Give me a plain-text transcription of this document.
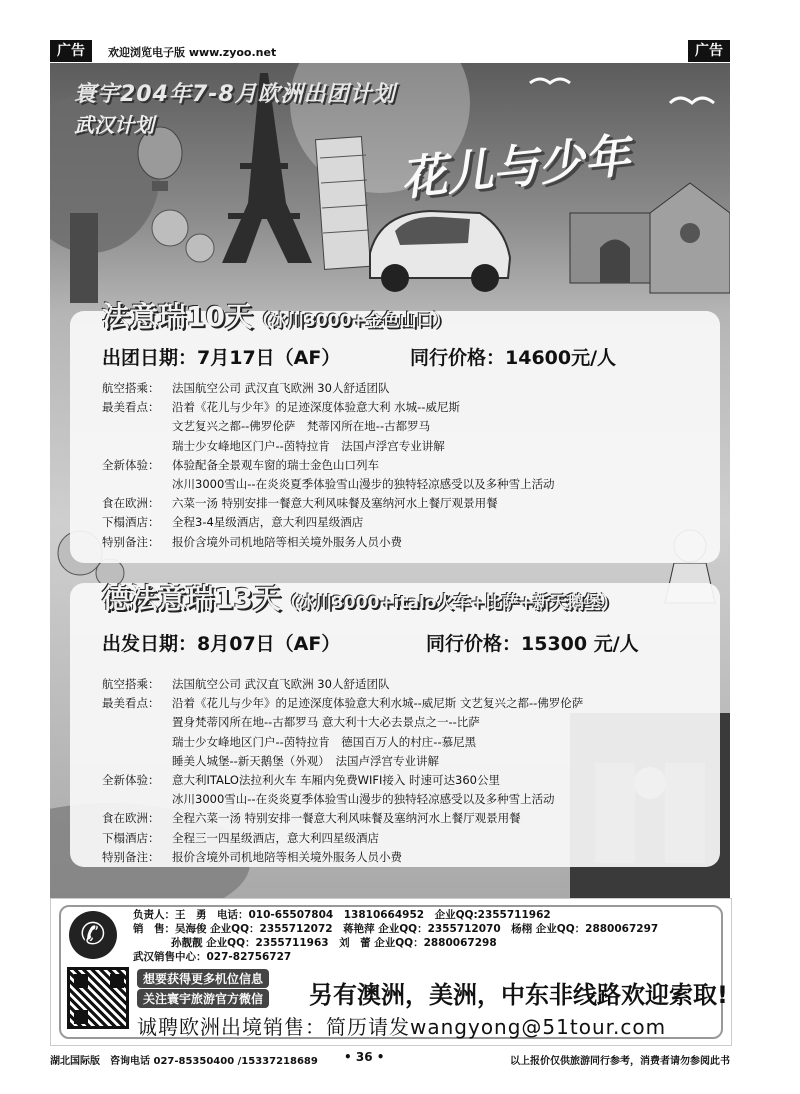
广告	欢迎浏览电子版 www.zyoo.net	广告
寰宇204年7-8月欧洲出团计划
武汉计划
花儿与少年
法意瑞10天（冰川3000+金色山口）
出团日期：7月17日（AF）	同行价格：14600元/人
航空搭乘：	法国航空公司 武汉直飞欧洲 30人舒适团队
最美看点：	沿着《花儿与少年》的足迹深度体验意大利 水城--威尼斯
文艺复兴之都--佛罗伦萨　梵蒂冈所在地--古都罗马
瑞士少女峰地区门户--茵特拉肯　法国卢浮宫专业讲解
全新体验：	体验配备全景观车窗的瑞士金色山口列车
冰川3000雪山--在炎炎夏季体验雪山漫步的独特轻凉感受以及多种雪上活动
食在欧洲：	六菜一汤 特别安排一餐意大利风味餐及塞纳河水上餐厅观景用餐
下榻酒店：	全程3-4星级酒店，意大利四星级酒店
特别备注：	报价含境外司机地陪等相关境外服务人员小费
德法意瑞13天（冰川3000+italo火车+比萨+新天鹅堡）
出发日期：8月07日（AF）	同行价格：15300 元/人
航空搭乘：	法国航空公司 武汉直飞欧洲 30人舒适团队
最美看点：	沿着《花儿与少年》的足迹深度体验意大利水城--威尼斯 文艺复兴之都--佛罗伦萨
置身梵蒂冈所在地--古都罗马 意大利十大必去景点之一--比萨
瑞士少女峰地区门户--茵特拉肯　德国百万人的村庄--慕尼黑
睡美人城堡--新天鹅堡（外观）　法国卢浮宫专业讲解
全新体验：	意大利ITALO法拉利火车 车厢内免费WIFI接入 时速可达360公里
冰川3000雪山--在炎炎夏季体验雪山漫步的独特轻凉感受以及多种雪上活动
食在欧洲：	全程六菜一汤 特别安排一餐意大利风味餐及塞纳河水上餐厅观景用餐
下榻酒店：	全程三一四星级酒店，意大利四星级酒店
特别备注：	报价含境外司机地陪等相关境外服务人员小费
✆
负责人：王　勇　电话：010-65507804　13810664952　企业QQ:2355711962
销　售：吴海俊 企业QQ：2355712072　蒋艳萍 企业QQ：2355712070　杨栩 企业QQ：2880067297
孙靓靓 企业QQ：2355711963　刘　蕾 企业QQ：2880067298
武汉销售中心：027-82756727
想要获得更多机位信息
关注寰宇旅游官方微信 另有澳洲，美洲，中东非线路欢迎索取!
诚聘欧洲出境销售：简历请发wangyong@51tour.com
湖北国际版　咨询电话 027-85350400 /15337218689 • 36 •	以上报价仅供旅游同行参考，消费者请勿参阅此书
